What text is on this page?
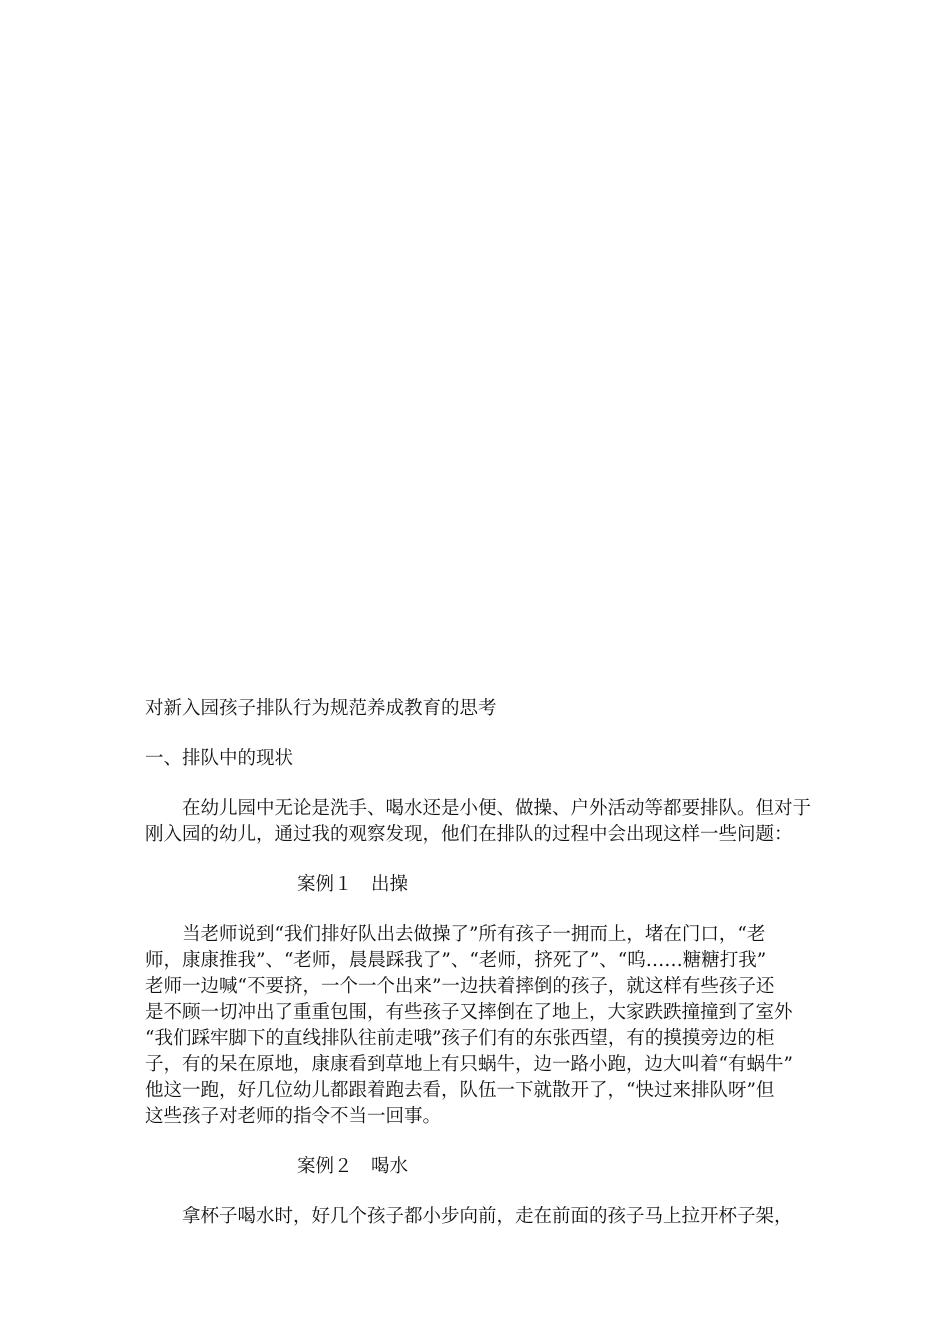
对新入园孩子排队行为规范养成教育的思考
一、排队中的现状
在幼儿园中无论是洗手、喝水还是小便、做操、户外活动等都要排队。但对于
刚入园的幼儿，通过我的观察发现，他们在排队的过程中会出现这样一些问题：
案例１　出操
当老师说到“我们排好队出去做操了”所有孩子一拥而上，堵在门口，“老
师，康康推我”、“老师，晨晨踩我了”、“老师，挤死了”、“呜……糖糖打我”
老师一边喊“不要挤，一个一个出来”一边扶着摔倒的孩子，就这样有些孩子还
是不顾一切冲出了重重包围，有些孩子又摔倒在了地上，大家跌跌撞撞到了室外
“我们踩牢脚下的直线排队往前走哦”孩子们有的东张西望，有的摸摸旁边的柜
子，有的呆在原地，康康看到草地上有只蜗牛，边一路小跑，边大叫着“有蜗牛”
他这一跑，好几位幼儿都跟着跑去看，队伍一下就散开了，“快过来排队呀”但
这些孩子对老师的指令不当一回事。
案例２　喝水
拿杯子喝水时，好几个孩子都小步向前，走在前面的孩子马上拉开杯子架，
